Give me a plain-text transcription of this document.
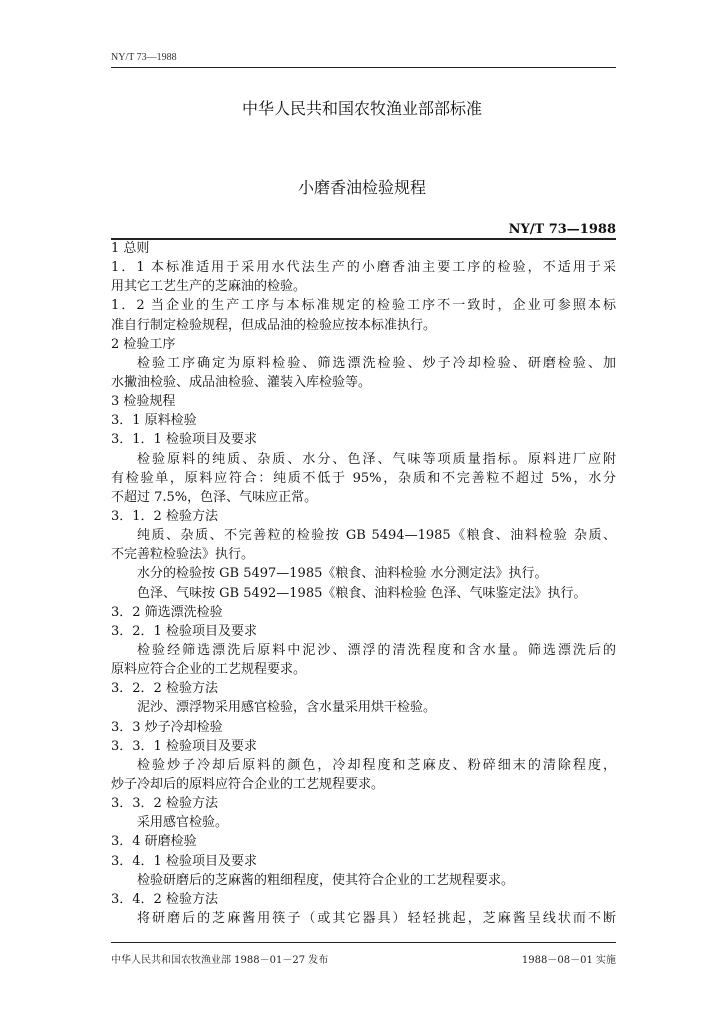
NY/T 73—1988
中华人民共和国农牧渔业部部标准
小磨香油检验规程
NY/T 73—1988
1 总则
1．1 本标准适用于采用水代法生产的小磨香油主要工序的检验，不适用于采
用其它工艺生产的芝麻油的检验。
1．2 当企业的生产工序与本标准规定的检验工序不一致时，企业可参照本标
准自行制定检验规程，但成品油的检验应按本标准执行。
2 检验工序
检验工序确定为原料检验、筛选漂洗检验、炒子冷却检验、研磨检验、加
水撇油检验、成品油检验、灌装入库检验等。
3 检验规程
3．1 原料检验
3．1．1 检验项目及要求
检验原料的纯质、杂质、水分、色泽、气味等项质量指标。原料进厂应附
有检验单，原料应符合：纯质不低于 95%，杂质和不完善粒不超过 5%，水分
不超过 7.5%，色泽、气味应正常。
3．1．2 检验方法
纯质、杂质、不完善粒的检验按 GB 5494—1985《粮食、油料检验 杂质、
不完善粒检验法》执行。
水分的检验按 GB 5497—1985《粮食、油料检验 水分测定法》执行。
色泽、气味按 GB 5492—1985《粮食、油料检验 色泽、气味鉴定法》执行。
3．2 筛选漂洗检验
3．2．1 检验项目及要求
检验经筛选漂洗后原料中泥沙、漂浮的清洗程度和含水量。筛选漂洗后的
原料应符合企业的工艺规程要求。
3．2．2 检验方法
泥沙、漂浮物采用感官检验，含水量采用烘干检验。
3．3 炒子冷却检验
3．3．1 检验项目及要求
检验炒子冷却后原料的颜色，冷却程度和芝麻皮、粉碎细末的清除程度，
炒子冷却后的原料应符合企业的工艺规程要求。
3．3．2 检验方法
采用感官检验。
3．4 研磨检验
3．4．1 检验项目及要求
检验研磨后的芝麻酱的粗细程度，使其符合企业的工艺规程要求。
3．4．2 检验方法
将研磨后的芝麻酱用筷子（或其它器具）轻轻挑起，芝麻酱呈线状而不断
中华人民共和国农牧渔业部 1988－01－27 发布	1988－08－01 实施
